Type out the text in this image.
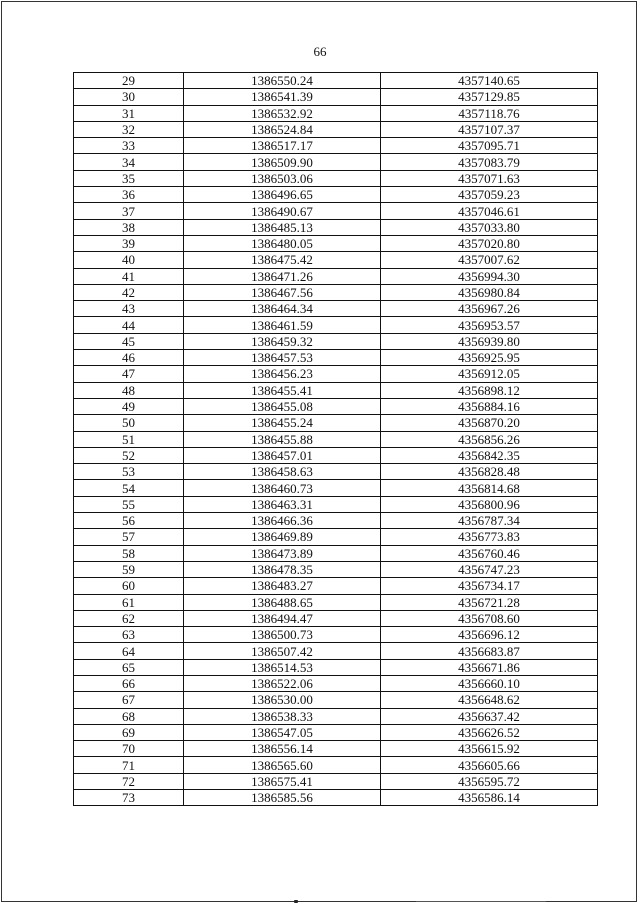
66
29	1386550.24	4357140.65
30	1386541.39	4357129.85
31	1386532.92	4357118.76
32	1386524.84	4357107.37
33	1386517.17	4357095.71
34	1386509.90	4357083.79
35	1386503.06	4357071.63
36	1386496.65	4357059.23
37	1386490.67	4357046.61
38	1386485.13	4357033.80
39	1386480.05	4357020.80
40	1386475.42	4357007.62
41	1386471.26	4356994.30
42	1386467.56	4356980.84
43	1386464.34	4356967.26
44	1386461.59	4356953.57
45	1386459.32	4356939.80
46	1386457.53	4356925.95
47	1386456.23	4356912.05
48	1386455.41	4356898.12
49	1386455.08	4356884.16
50	1386455.24	4356870.20
51	1386455.88	4356856.26
52	1386457.01	4356842.35
53	1386458.63	4356828.48
54	1386460.73	4356814.68
55	1386463.31	4356800.96
56	1386466.36	4356787.34
57	1386469.89	4356773.83
58	1386473.89	4356760.46
59	1386478.35	4356747.23
60	1386483.27	4356734.17
61	1386488.65	4356721.28
62	1386494.47	4356708.60
63	1386500.73	4356696.12
64	1386507.42	4356683.87
65	1386514.53	4356671.86
66	1386522.06	4356660.10
67	1386530.00	4356648.62
68	1386538.33	4356637.42
69	1386547.05	4356626.52
70	1386556.14	4356615.92
71	1386565.60	4356605.66
72	1386575.41	4356595.72
73	1386585.56	4356586.14
